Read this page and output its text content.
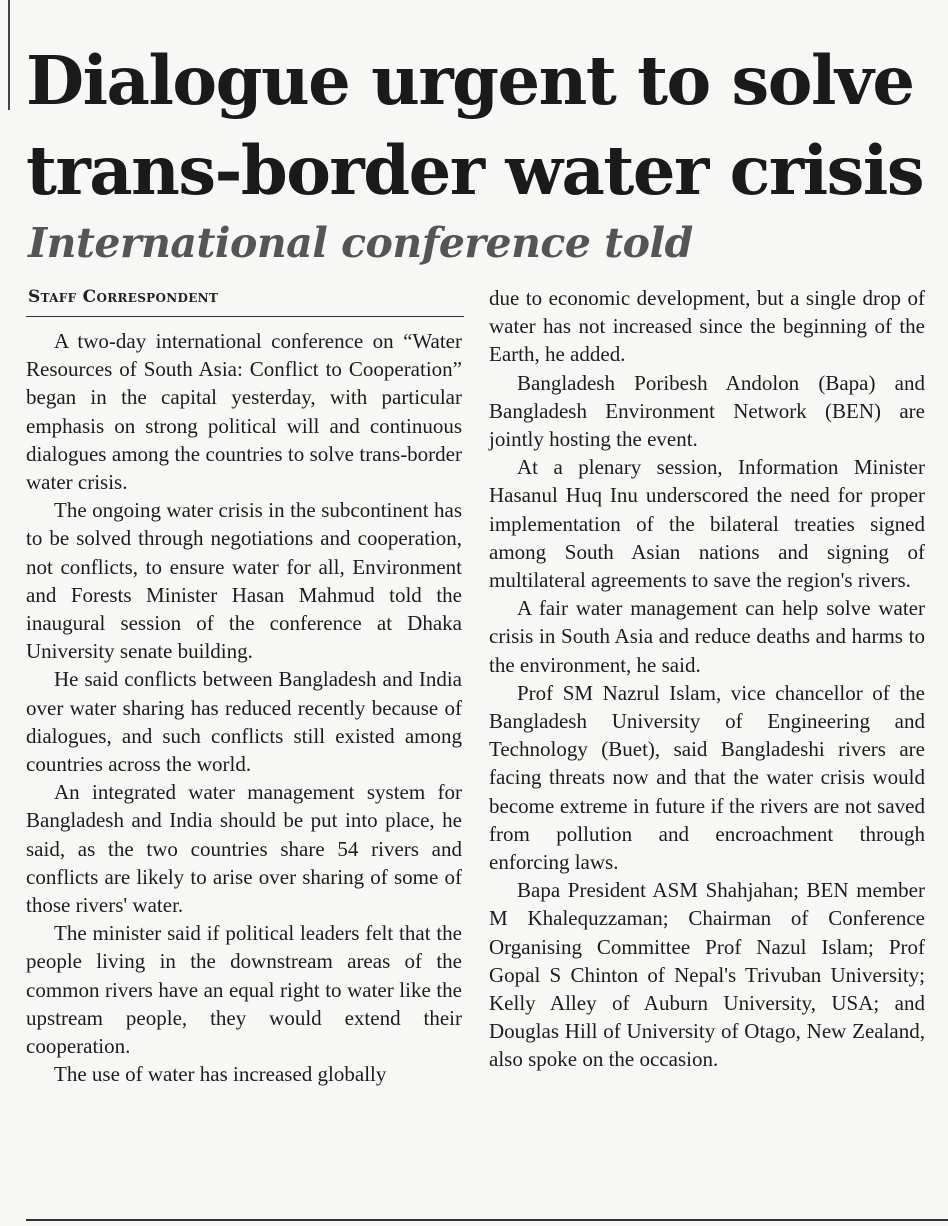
Dialogue urgent to solve
trans-border water crisis
International conference told
Staff Correspondent

A two-day international conference on “Water Resources of South Asia: Conflict to Cooperation” began in the capital yesterday, with particular emphasis on strong political will and continuous dialogues among the countries to solve trans-border water crisis.

The ongoing water crisis in the subcontinent has to be solved through negotiations and cooperation, not conflicts, to ensure water for all, Environment and Forests Minister Hasan Mahmud told the inaugural session of the conference at Dhaka University senate building.

He said conflicts between Bangladesh and India over water sharing has reduced recently because of dialogues, and such conflicts still existed among countries across the world.

An integrated water management system for Bangladesh and India should be put into place, he said, as the two countries share 54 rivers and conflicts are likely to arise over sharing of some of those rivers' water.

The minister said if political leaders felt that the people living in the downstream areas of the common rivers have an equal right to water like the upstream people, they would extend their cooperation.

The use of water has increased globally

due to economic development, but a single drop of water has not increased since the beginning of the Earth, he added.

Bangladesh Poribesh Andolon (Bapa) and Bangladesh Environment Network (BEN) are jointly hosting the event.

At a plenary session, Information Minister Hasanul Huq Inu underscored the need for proper implementation of the bilateral treaties signed among South Asian nations and signing of multilateral agreements to save the region's rivers.

A fair water management can help solve water crisis in South Asia and reduce deaths and harms to the environment, he said.

Prof SM Nazrul Islam, vice chancellor of the Bangladesh University of Engineering and Technology (Buet), said Bangladeshi rivers are facing threats now and that the water crisis would become extreme in future if the rivers are not saved from pollution and encroachment through enforcing laws.

Bapa President ASM Shahjahan; BEN member M Khalequzzaman; Chairman of Conference Organising Committee Prof Nazul Islam; Prof Gopal S Chinton of Nepal's Trivuban University; Kelly Alley of Auburn University, USA; and Douglas Hill of University of Otago, New Zealand, also spoke on the occasion.
